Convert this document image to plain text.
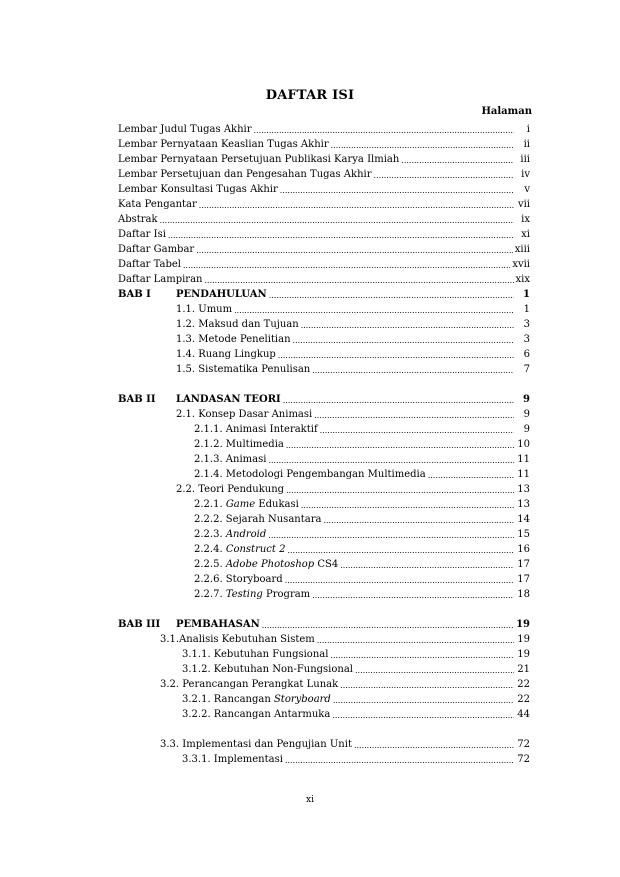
DAFTAR ISI
Halaman
Lembar Judul Tugas Akhir .....	i
Lembar Pernyataan Keaslian Tugas Akhir .....	ii
Lembar Pernyataan Persetujuan Publikasi Karya Ilmiah .....	iii
Lembar Persetujuan dan Pengesahan Tugas Akhir .....	iv
Lembar Konsultasi Tugas Akhir .....	v
Kata Pengantar .....	vii
Abstrak .....	ix
Daftar Isi .....	xi
Daftar Gambar .....	xiii
Daftar Tabel .....	xvii
Daftar Lampiran .....	xix
BAB I	PENDAHULUAN .....	1
1.1. Umum .....	1
1.2. Maksud dan Tujuan .....	3
1.3. Metode Penelitian .....	3
1.4. Ruang Lingkup .....	6
1.5. Sistematika Penulisan .....	7
BAB II	LANDASAN TEORI .....	9
2.1. Konsep Dasar Animasi .....	9
2.1.1. Animasi Interaktif .....	9
2.1.2. Multimedia .....	10
2.1.3. Animasi .....	11
2.1.4. Metodologi Pengembangan Multimedia .....	11
2.2. Teori Pendukung .....	13
2.2.1. Game Edukasi .....	13
2.2.2. Sejarah Nusantara .....	14
2.2.3. Android .....	15
2.2.4. Construct 2 .....	16
2.2.5. Adobe Photoshop CS4 .....	17
2.2.6. Storyboard .....	17
2.2.7. Testing Program .....	18
BAB III	PEMBAHASAN .....	19
3.1.Analisis Kebutuhan Sistem .....	19
3.1.1. Kebutuhan Fungsional .....	19
3.1.2. Kebutuhan Non-Fungsional .....	21
3.2. Perancangan Perangkat Lunak .....	22
3.2.1. Rancangan Storyboard .....	22
3.2.2. Rancangan Antarmuka .....	44
3.3. Implementasi dan Pengujian Unit .....	72
3.3.1. Implementasi .....	72
xi
